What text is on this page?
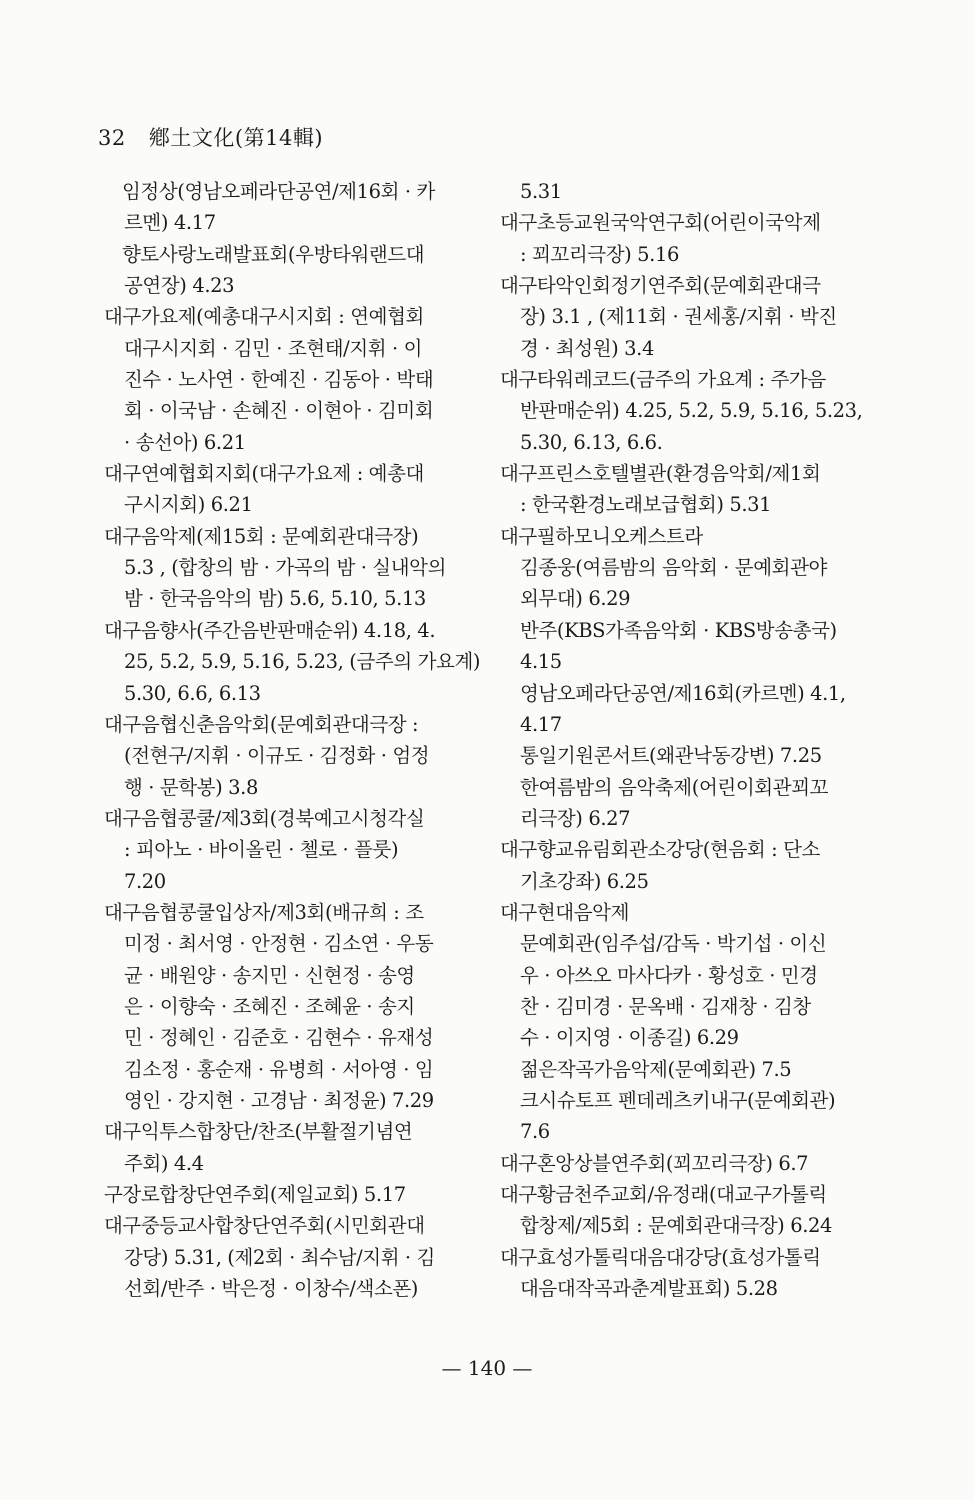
32 鄕土文化(第14輯)
임정상(영남오페라단공연/제16회 · 카
르멘) 4.17
향토사랑노래발표회(우방타워랜드대
공연장) 4.23
대구가요제(예총대구시지회 : 연예협회
대구시지회 · 김민 · 조현태/지휘 · 이
진수 · 노사연 · 한예진 · 김동아 · 박태
회 · 이국남 · 손혜진 · 이현아 · 김미회
· 송선아) 6.21
대구연예협회지회(대구가요제 : 예총대
구시지회) 6.21
대구음악제(제15회 : 문예회관대극장)
5.3 , (합창의 밤 · 가곡의 밤 · 실내악의
밤 · 한국음악의 밤) 5.6, 5.10, 5.13
대구음향사(주간음반판매순위) 4.18, 4.
25, 5.2, 5.9, 5.16, 5.23, (금주의 가요계)
5.30, 6.6, 6.13
대구음협신춘음악회(문예회관대극장 :
(전현구/지휘 · 이규도 · 김정화 · 엄정
행 · 문학봉) 3.8
대구음협콩쿨/제3회(경북예고시청각실
: 피아노 · 바이올린 · 첼로 · 플룻)
7.20
대구음협콩쿨입상자/제3회(배규희 : 조
미정 · 최서영 · 안정현 · 김소연 · 우동
균 · 배원양 · 송지민 · 신현정 · 송영
은 · 이향숙 · 조혜진 · 조혜윤 · 송지
민 · 정혜인 · 김준호 · 김현수 · 유재성
김소정 · 홍순재 · 유병희 · 서아영 · 임
영인 · 강지현 · 고경남 · 최정윤) 7.29
대구익투스합창단/찬조(부활절기념연
주회) 4.4
구장로합창단연주회(제일교회) 5.17
대구중등교사합창단연주회(시민회관대
강당) 5.31, (제2회 · 최수남/지휘 · 김
선회/반주 · 박은정 · 이창수/색소폰)
5.31
대구초등교원국악연구회(어린이국악제
: 꾀꼬리극장) 5.16
대구타악인회정기연주회(문예회관대극
장) 3.1 , (제11회 · 권세홍/지휘 · 박진
경 · 최성원) 3.4
대구타워레코드(금주의 가요계 : 주가음
반판매순위) 4.25, 5.2, 5.9, 5.16, 5.23,
5.30, 6.13, 6.6.
대구프린스호텔별관(환경음악회/제1회
: 한국환경노래보급협회) 5.31
대구필하모니오케스트라
김종웅(여름밤의 음악회 · 문예회관야
외무대) 6.29
반주(KBS가족음악회 · KBS방송총국)
4.15
영남오페라단공연/제16회(카르멘) 4.1,
4.17
통일기원콘서트(왜관낙동강변) 7.25
한여름밤의 음악축제(어린이회관꾀꼬
리극장) 6.27
대구향교유림회관소강당(현음회 : 단소
기초강좌) 6.25
대구현대음악제
문예회관(임주섭/감독 · 박기섭 · 이신
우 · 아쓰오 마사다카 · 황성호 · 민경
찬 · 김미경 · 문옥배 · 김재창 · 김창
수 · 이지영 · 이종길) 6.29
젊은작곡가음악제(문예회관) 7.5
크시슈토프 펜데레츠키내구(문예회관)
7.6
대구혼앙상블연주회(꾀꼬리극장) 6.7
대구황금천주교회/유정래(대교구가톨릭
합창제/제5회 : 문예회관대극장) 6.24
대구효성가톨릭대음대강당(효성가톨릭
대음대작곡과춘계발표회) 5.28
— 140 —
